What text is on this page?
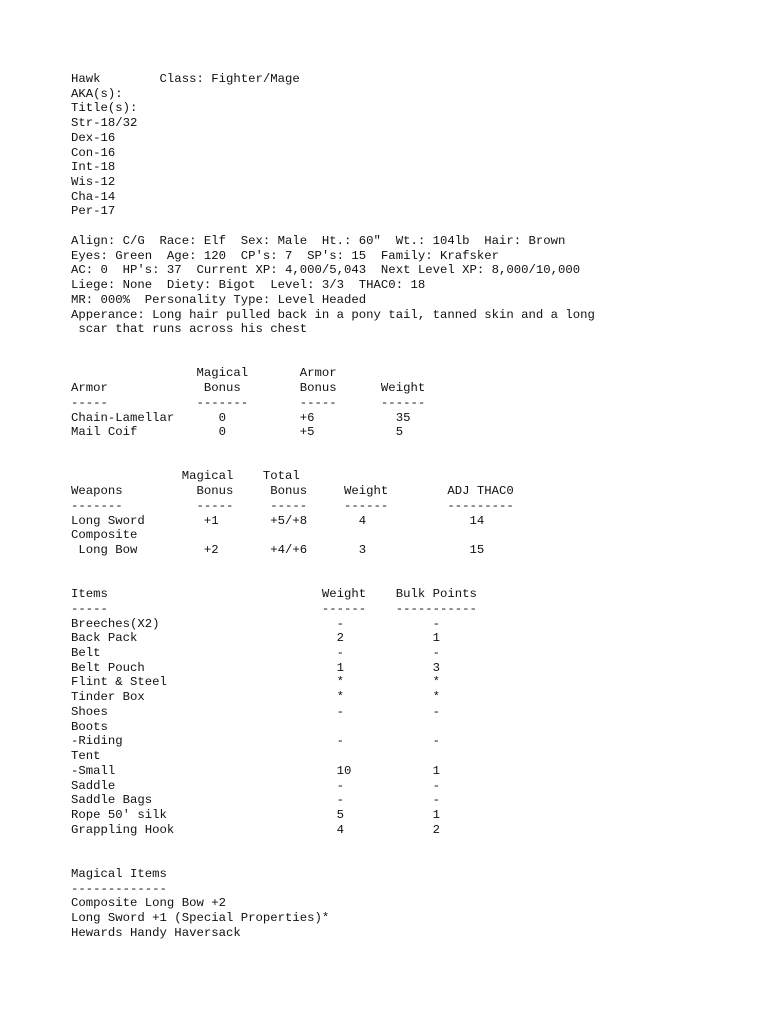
Hawk        Class: Fighter/Mage
AKA(s):
Title(s):
Str-18/32
Dex-16
Con-16
Int-18
Wis-12
Cha-14
Per-17
Align: C/G  Race: Elf  Sex: Male  Ht.: 60"  Wt.: 104lb  Hair: Brown
Eyes: Green  Age: 120  CP's: 7  SP's: 15  Family: Krafsker
AC: 0  HP's: 37  Current XP: 4,000/5,043  Next Level XP: 8,000/10,000
Liege: None  Diety: Bigot  Level: 3/3  THAC0: 18
MR: 000%  Personality Type: Level Headed
Apperance: Long hair pulled back in a pony tail, tanned skin and a long
scar that runs across his chest
Magical       Armor
Armor             Bonus        Bonus      Weight
-----            -------       -----      ------
Chain-Lamellar      0          +6           35
Mail Coif           0          +5           5
Magical    Total
Weapons          Bonus     Bonus     Weight        ADJ THAC0
-------          -----     -----     ------        ---------
Long Sword        +1       +5/+8       4              14
Composite
Long Bow         +2       +4/+6       3              15
Items                             Weight    Bulk Points
-----                             ------    -----------
Breeches(X2)                        -            -
Back Pack                           2            1
Belt                                -            -
Belt Pouch                          1            3
Flint & Steel                       *            *
Tinder Box                          *            *
Shoes                               -            -
Boots
-Riding                             -            -
Tent
-Small                              10           1
Saddle                              -            -
Saddle Bags                         -            -
Rope 50' silk                       5            1
Grappling Hook                      4            2
Magical Items
-------------
Composite Long Bow +2
Long Sword +1 (Special Properties)*
Hewards Handy Haversack
